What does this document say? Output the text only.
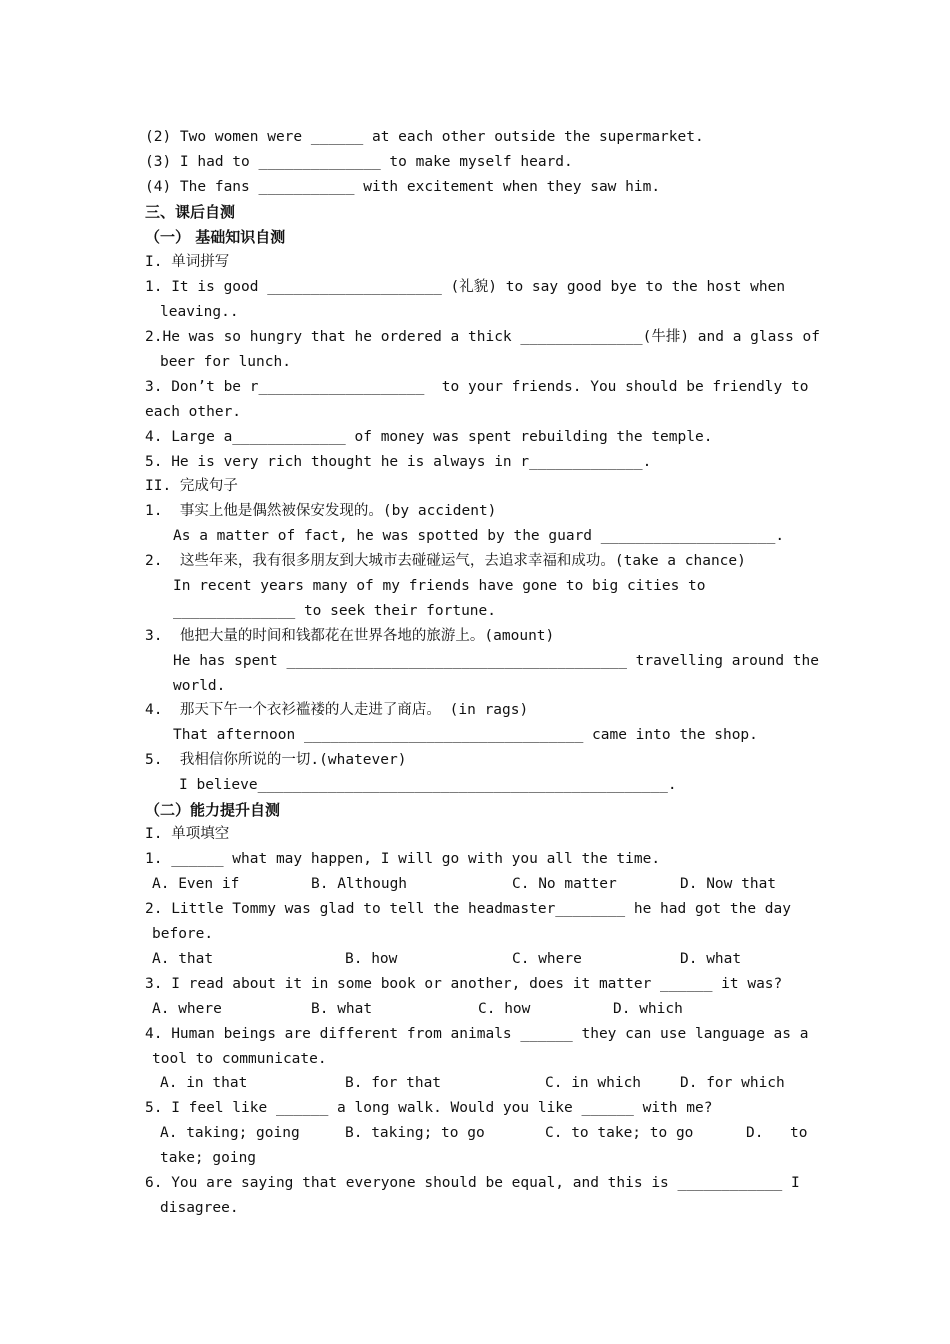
(2) Two women were ______ at each other outside the supermarket.
(3) I had to ______________ to make myself heard.
(4) The fans ___________ with excitement when they saw him.
三、课后自测
（一） 基础知识自测
I. 单词拼写
1. It is good ____________________ (礼貌) to say good bye to the host when
leaving..
2.He was so hungry that he ordered a thick ______________(牛排) and a glass of
beer for lunch.
3. Don’t be r___________________  to your friends. You should be friendly to
each other.
4. Large a_____________ of money was spent rebuilding the temple.
5. He is very rich thought he is always in r_____________.
II. 完成句子
1.  事实上他是偶然被保安发现的。(by accident)
As a matter of fact, he was spotted by the guard ____________________.
2.  这些年来，我有很多朋友到大城市去碰碰运气，去追求幸福和成功。(take a chance)
In recent years many of my friends have gone to big cities to
______________ to seek their fortune.
3.  他把大量的时间和钱都花在世界各地的旅游上。(amount)
He has spent _______________________________________ travelling around the
world.
4.  那天下午一个衣衫褴褛的人走进了商店。 (in rags)
That afternoon ________________________________ came into the shop.
5.  我相信你所说的一切.(whatever)
I believe_______________________________________________.
（二）能力提升自测
I. 单项填空
1. ______ what may happen, I will go with you all the time.
A. Even if	B. Although	C. No matter	D. Now that
2. Little Tommy was glad to tell the headmaster________ he had got the day
before.
A. that	B. how	C. where	D. what
3. I read about it in some book or another, does it matter ______ it was?
A. where	B. what	C. how	D. which
4. Human beings are different from animals ______ they can use language as a
tool to communicate.
A. in that	B. for that	C. in which	D. for which
5. I feel like ______ a long walk. Would you like ______ with me?
A. taking; going	B. taking; to go	C. to take; to go	D. to
take; going
6. You are saying that everyone should be equal, and this is ____________ I
disagree.
